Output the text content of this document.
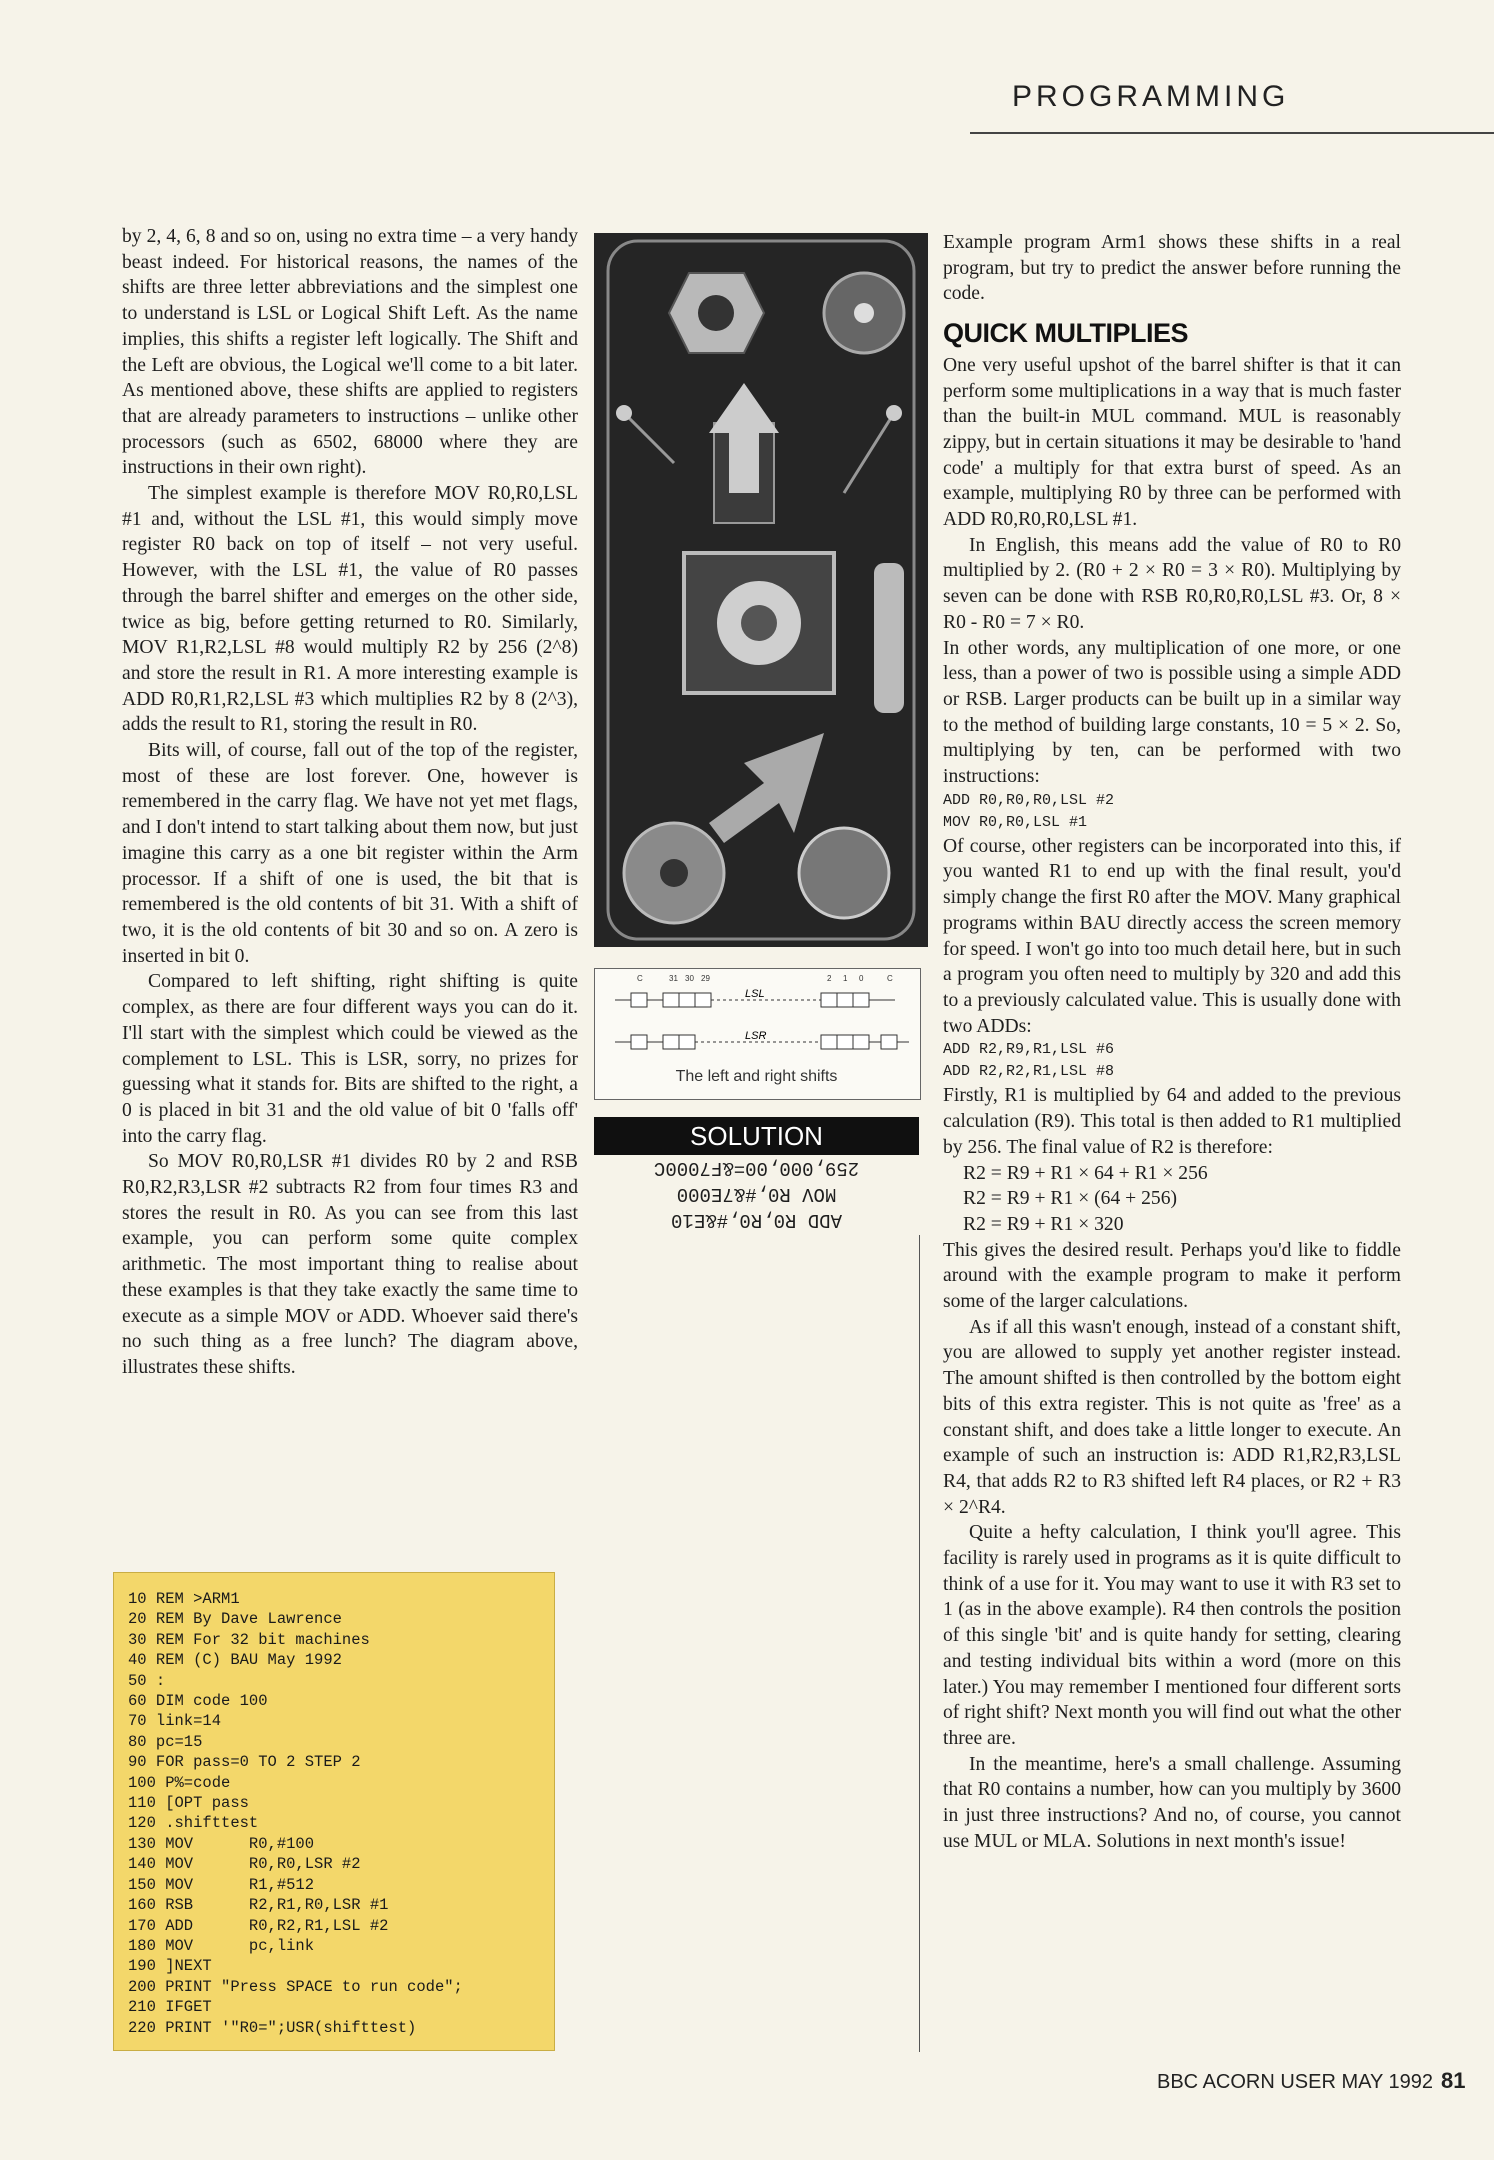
PROGRAMMING

by 2, 4, 6, 8 and so on, using no extra time – a very handy beast indeed. For historical reasons, the names of the shifts are three letter abbreviations and the simplest one to understand is LSL or Logical Shift Left. As the name implies, this shifts a register left logically. The Shift and the Left are obvious, the Logical we'll come to a bit later. As mentioned above, these shifts are applied to registers that are already parameters to instructions – unlike other processors (such as 6502, 68000 where they are instructions in their own right).

The simplest example is therefore MOV R0,R0,LSL #1 and, without the LSL #1, this would simply move register R0 back on top of itself – not very useful. However, with the LSL #1, the value of R0 passes through the barrel shifter and emerges on the other side, twice as big, before getting returned to R0. Similarly, MOV R1,R2,LSL #8 would multiply R2 by 256 (2^8) and store the result in R1. A more interesting example is ADD R0,R1,R2,LSL #3 which multiplies R2 by 8 (2^3), adds the result to R1, storing the result in R0.

Bits will, of course, fall out of the top of the register, most of these are lost forever. One, however is remembered in the carry flag. We have not yet met flags, and I don't intend to start talking about them now, but just imagine this carry as a one bit register within the Arm processor. If a shift of one is used, the bit that is remembered is the old contents of bit 31. With a shift of two, it is the old contents of bit 30 and so on. A zero is inserted in bit 0.

Compared to left shifting, right shifting is quite complex, as there are four different ways you can do it. I'll start with the simplest which could be viewed as the complement to LSL. This is LSR, sorry, no prizes for guessing what it stands for. Bits are shifted to the right, a 0 is placed in bit 31 and the old value of bit 0 'falls off' into the carry flag.

So MOV R0,R0,LSR #1 divides R0 by 2 and RSB R0,R2,R3,LSR #2 subtracts R2 from four times R3 and stores the result in R0. As you can see from this last example, you can perform some quite complex arithmetic. The most important thing to realise about these examples is that they take exactly the same time to execute as a simple MOV or ADD. Whoever said there's no such thing as a free lunch? The diagram above, illustrates these shifts.

10 REM >ARM1
20 REM By Dave Lawrence
30 REM For 32 bit machines
40 REM (C) BAU May 1992
50 :
60 DIM code 100
70 link=14
80 pc=15
90 FOR pass=0 TO 2 STEP 2
100 P%=code
110 [OPT pass
120 .shifttest
130 MOV      R0,#100
140 MOV      R0,R0,LSR #2
150 MOV      R1,#512
160 RSB      R2,R1,R0,LSR #1
170 ADD      R0,R2,R1,LSL #2
180 MOV      pc,link
190 ]NEXT
200 PRINT "Press SPACE to run code";
210 IFGET
220 PRINT '"R0=";USR(shifttest)
C	31 30 29	2 1 0	C
LSL
LSR
The left and right shifts
SOLUTION
259,000,00=&F7000C
MOV R0,#&7E000
ADD R0,R0,#&E10

Example program Arm1 shows these shifts in a real program, but try to predict the answer before running the code.

QUICK MULTIPLIES

One very useful upshot of the barrel shifter is that it can perform some multiplications in a way that is much faster than the built-in MUL command. MUL is reasonably zippy, but in certain situations it may be desirable to 'hand code' a multiply for that extra burst of speed. As an example, multiplying R0 by three can be performed with ADD R0,R0,R0,LSL #1.

In English, this means add the value of R0 to R0 multiplied by 2. (R0 + 2 × R0 = 3 × R0). Multiplying by seven can be done with RSB R0,R0,R0,LSL #3. Or, 8 × R0 - R0 = 7 × R0.

In other words, any multiplication of one more, or one less, than a power of two is possible using a simple ADD or RSB. Larger products can be built up in a similar way to the method of building large constants, 10 = 5 × 2. So, multiplying by ten, can be performed with two instructions:

ADD R0,R0,R0,LSL #2
MOV R0,R0,LSL #1

Of course, other registers can be incorporated into this, if you wanted R1 to end up with the final result, you'd simply change the first R0 after the MOV. Many graphical programs within BAU directly access the screen memory for speed. I won't go into too much detail here, but in such a program you often need to multiply by 320 and add this to a previously calculated value. This is usually done with two ADDs:

ADD R2,R9,R1,LSL #6
ADD R2,R2,R1,LSL #8

Firstly, R1 is multiplied by 64 and added to the previous calculation (R9). This total is then added to R1 multiplied by 256. The final value of R2 is therefore:

R2 = R9 + R1 × 64 + R1 × 256
R2 = R9 + R1 × (64 + 256)
R2 = R9 + R1 × 320

This gives the desired result. Perhaps you'd like to fiddle around with the example program to make it perform some of the larger calculations.

As if all this wasn't enough, instead of a constant shift, you are allowed to supply yet another register instead. The amount shifted is then controlled by the bottom eight bits of this extra register. This is not quite as 'free' as a constant shift, and does take a little longer to execute. An example of such an instruction is: ADD R1,R2,R3,LSL R4, that adds R2 to R3 shifted left R4 places, or R2 + R3 × 2^R4.

Quite a hefty calculation, I think you'll agree. This facility is rarely used in programs as it is quite difficult to think of a use for it. You may want to use it with R3 set to 1 (as in the above example). R4 then controls the position of this single 'bit' and is quite handy for setting, clearing and testing individual bits within a word (more on this later.) You may remember I mentioned four different sorts of right shift? Next month you will find out what the other three are.

In the meantime, here's a small challenge. Assuming that R0 contains a number, how can you multiply by 3600 in just three instructions? And no, of course, you cannot use MUL or MLA. Solutions in next month's issue!

BBC ACORN USER MAY 1992 81
